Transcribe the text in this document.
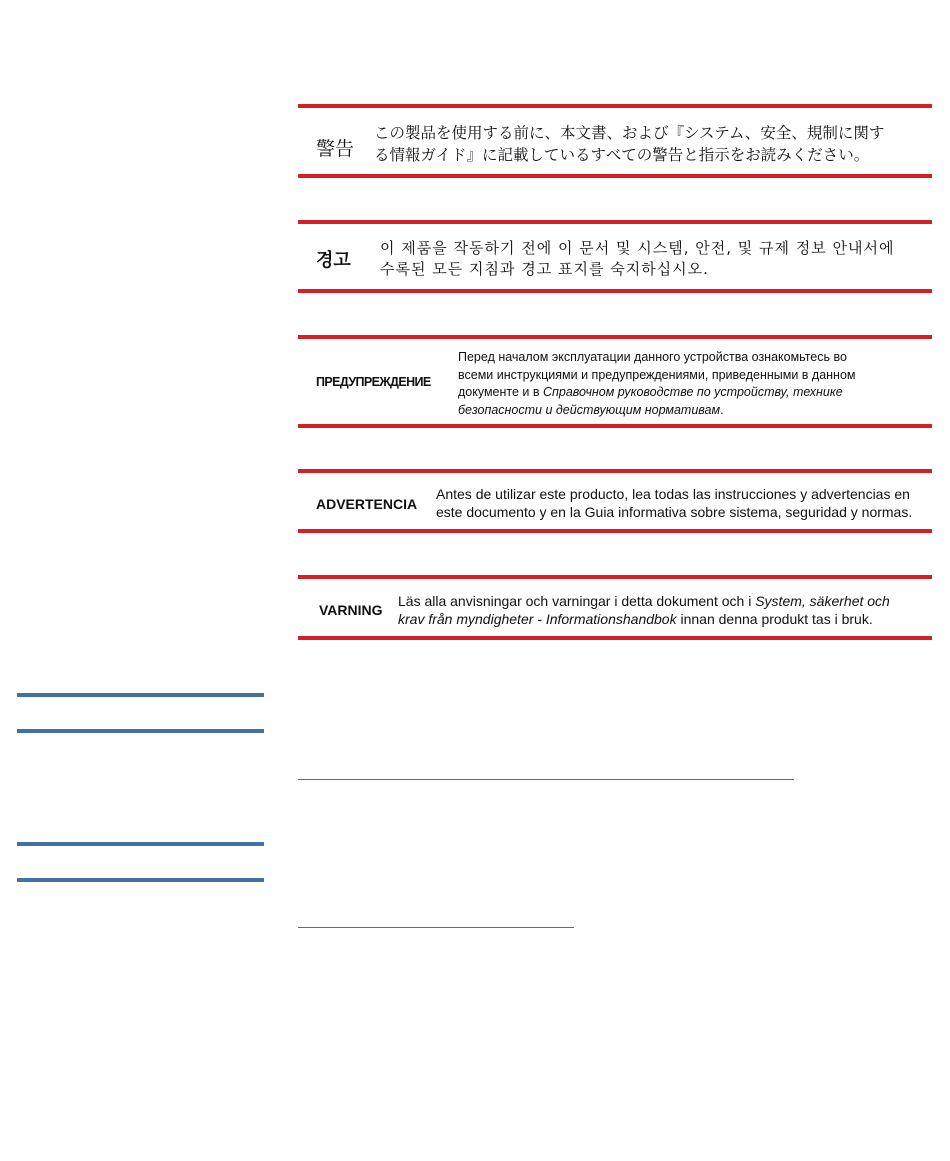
警告
この製品を使用する前に、本文書、および『システム、安全、規制に関す
る情報ガイド』に記載しているすべての警告と指示をお読みください。
경고
이 제품을 작동하기 전에 이 문서 및 시스템, 안전, 및 규제 정보 안내서에
수록된 모든 지침과 경고 표지를 숙지하십시오.
ПРЕДУПРЕЖДЕНИЕ
Перед началом эксплуатации данного устройства ознакомьтесь во
всеми инструкциями и предупреждениями, приведенными в данном
документе и в Справочном руководстве по устройству, технике
безопасности и действующим нормативам.
ADVERTENCIA
Antes de utilizar este producto, lea todas las instrucciones y advertencias en
este documento y en la Guia informativa sobre sistema, seguridad y normas.
VARNING
Läs alla anvisningar och varningar i detta dokument och i System, säkerhet och
krav från myndigheter - Informationshandbok innan denna produkt tas i bruk.
